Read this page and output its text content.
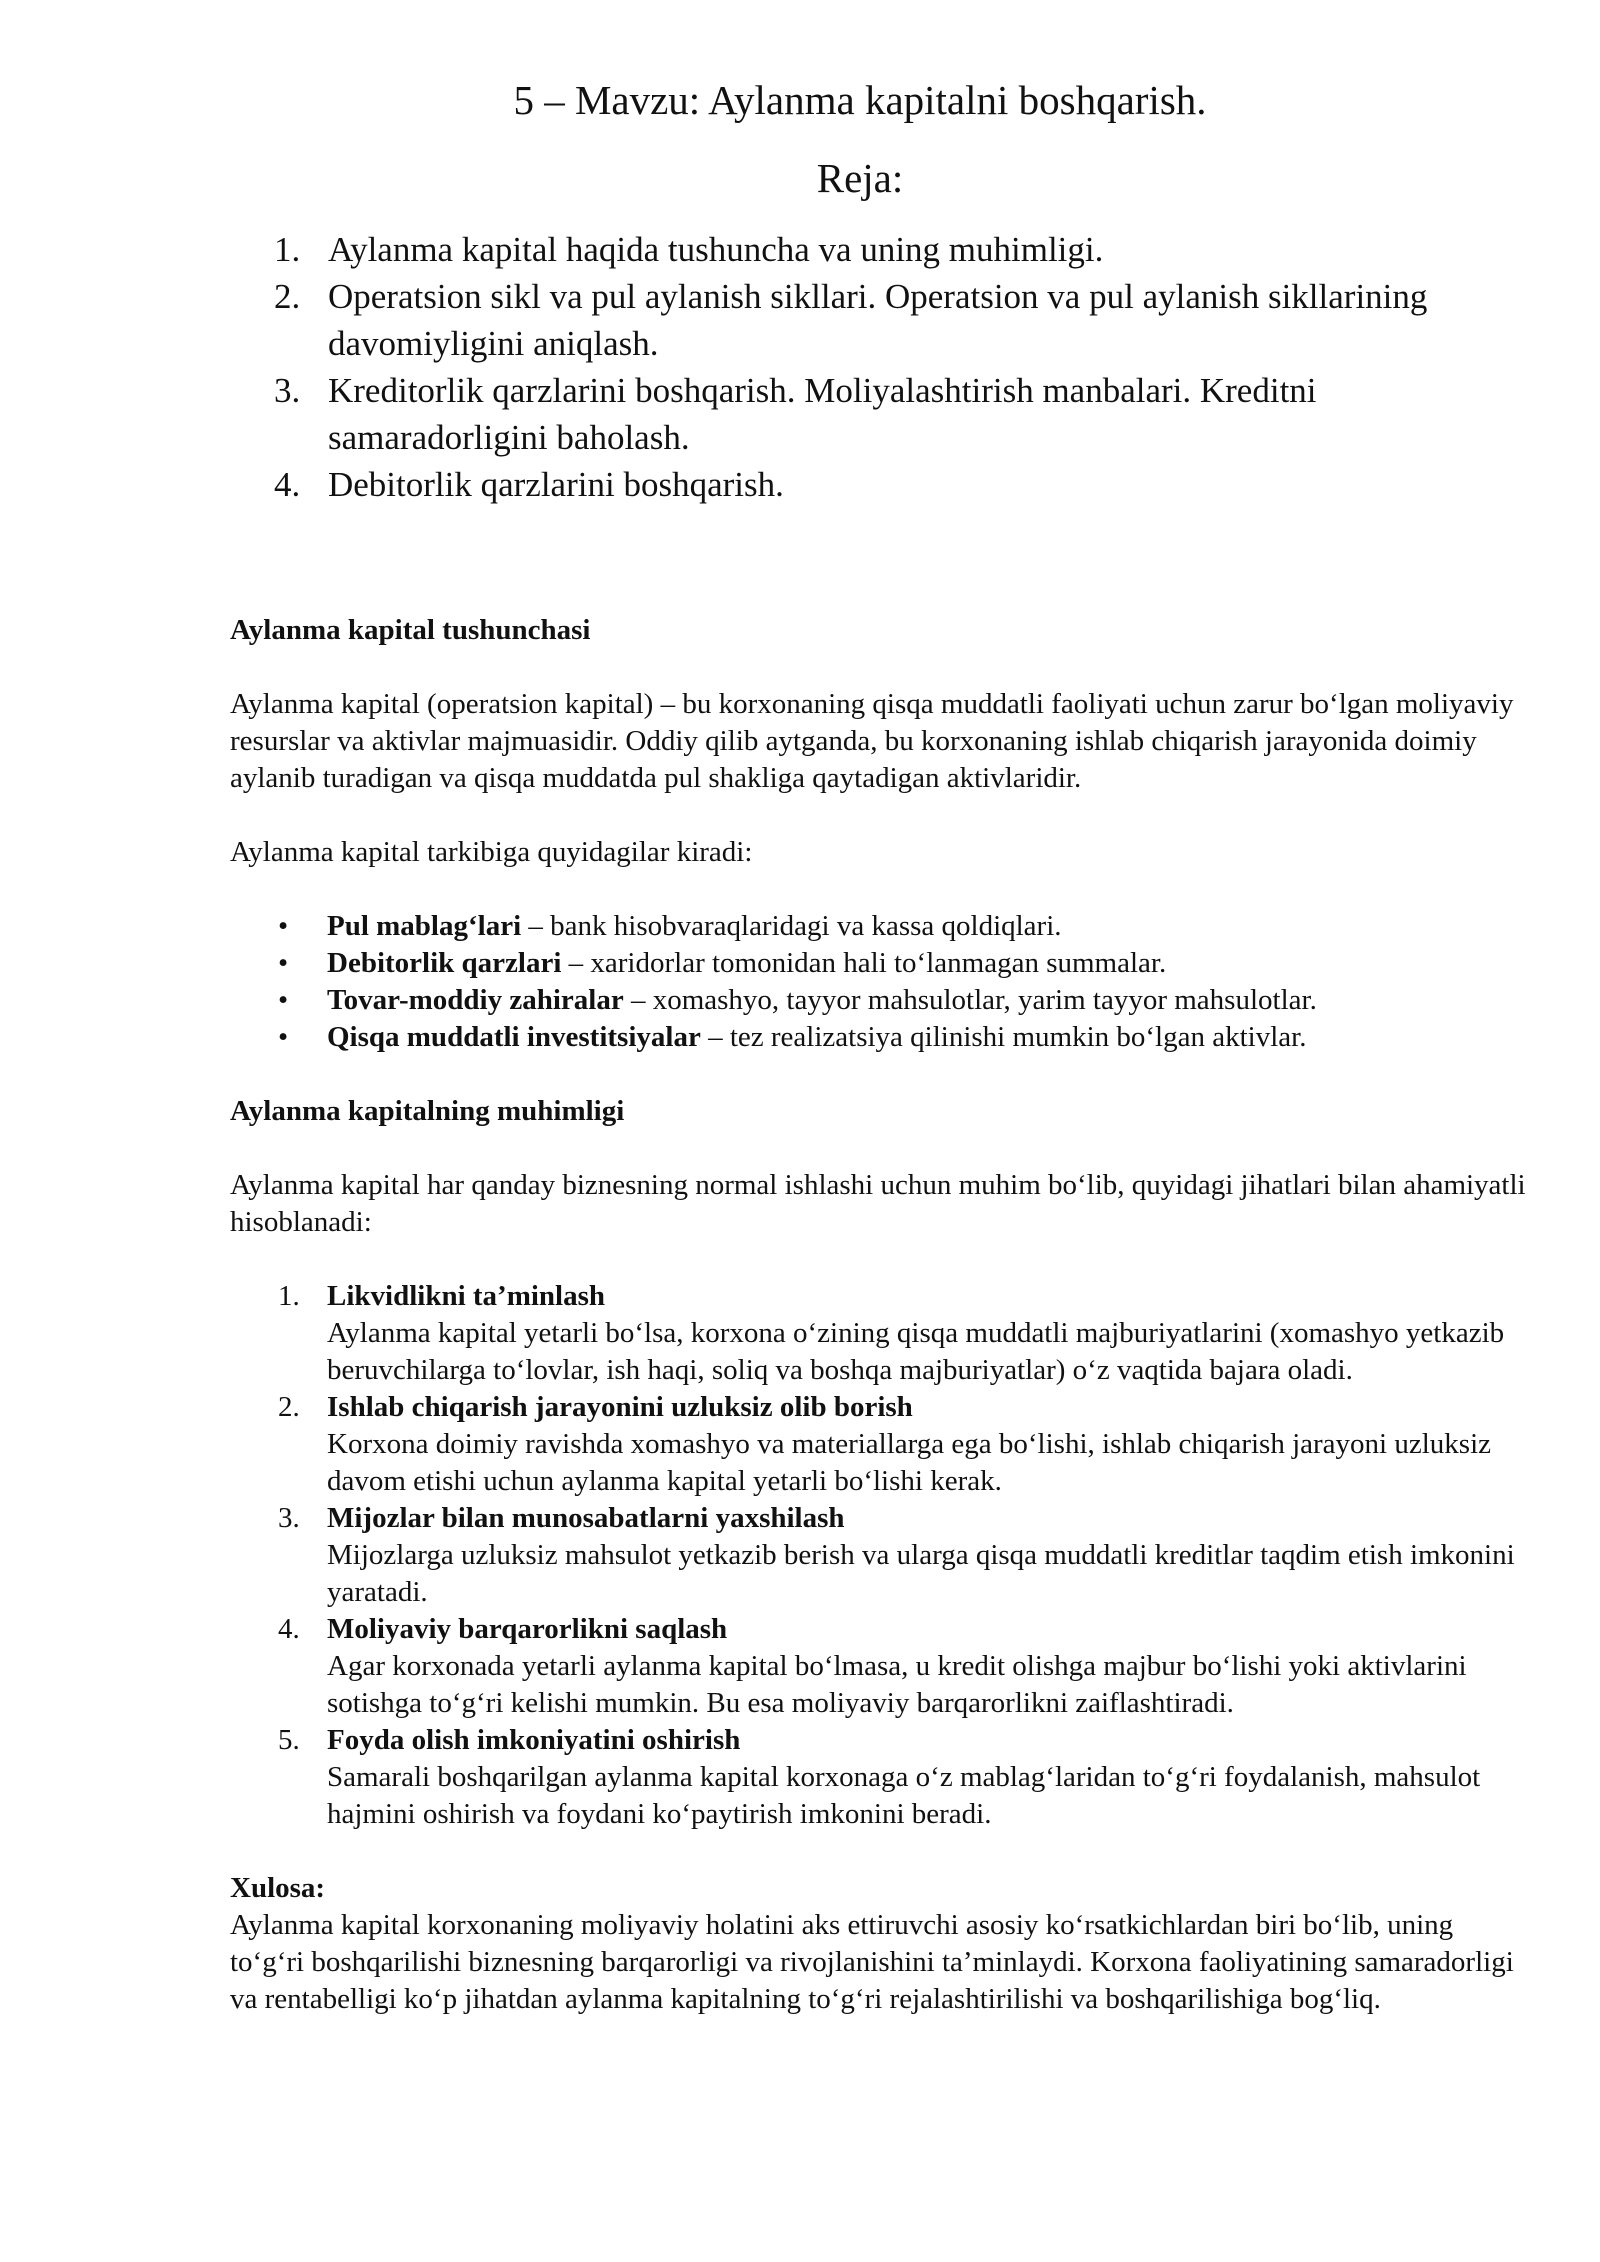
5 – Mavzu: Aylanma kapitalni boshqarish.
Reja:
1. Aylanma kapital haqida tushuncha va uning muhimligi.
2. Operatsion sikl va pul aylanish sikllari. Operatsion va pul aylanish sikllarining davomiyligini aniqlash.
3. Kreditorlik qarzlarini boshqarish. Moliyalashtirish manbalari. Kreditni samaradorligini baholash.
4. Debitorlik qarzlarini boshqarish.

Aylanma kapital tushunchasi

Aylanma kapital (operatsion kapital) – bu korxonaning qisqa muddatli faoliyati uchun zarur bo‘lgan moliyaviy resurslar va aktivlar majmuasidir. Oddiy qilib aytganda, bu korxonaning ishlab chiqarish jarayonida doimiy aylanib turadigan va qisqa muddatda pul shakliga qaytadigan aktivlaridir.

Aylanma kapital tarkibiga quyidagilar kiradi:

• Pul mablag‘lari – bank hisobvaraqlaridagi va kassa qoldiqlari.
• Debitorlik qarzlari – xaridorlar tomonidan hali to‘lanmagan summalar.
• Tovar-moddiy zahiralar – xomashyo, tayyor mahsulotlar, yarim tayyor mahsulotlar.
• Qisqa muddatli investitsiyalar – tez realizatsiya qilinishi mumkin bo‘lgan aktivlar.

Aylanma kapitalning muhimligi

Aylanma kapital har qanday biznesning normal ishlashi uchun muhim bo‘lib, quyidagi jihatlari bilan ahamiyatli hisoblanadi:

1. Likvidlikni ta’minlash
Aylanma kapital yetarli bo‘lsa, korxona o‘zining qisqa muddatli majburiyatlarini (xomashyo yetkazib beruvchilarga to‘lovlar, ish haqi, soliq va boshqa majburiyatlar) o‘z vaqtida bajara oladi.
2. Ishlab chiqarish jarayonini uzluksiz olib borish
Korxona doimiy ravishda xomashyo va materiallarga ega bo‘lishi, ishlab chiqarish jarayoni uzluksiz davom etishi uchun aylanma kapital yetarli bo‘lishi kerak.
3. Mijozlar bilan munosabatlarni yaxshilash
Mijozlarga uzluksiz mahsulot yetkazib berish va ularga qisqa muddatli kreditlar taqdim etish imkonini yaratadi.
4. Moliyaviy barqarorlikni saqlash
Agar korxonada yetarli aylanma kapital bo‘lmasa, u kredit olishga majbur bo‘lishi yoki aktivlarini sotishga to‘g‘ri kelishi mumkin. Bu esa moliyaviy barqarorlikni zaiflashtiradi.
5. Foyda olish imkoniyatini oshirish
Samarali boshqarilgan aylanma kapital korxonaga o‘z mablag‘laridan to‘g‘ri foydalanish, mahsulot hajmini oshirish va foydani ko‘paytirish imkonini beradi.

Xulosa:

Aylanma kapital korxonaning moliyaviy holatini aks ettiruvchi asosiy ko‘rsatkichlardan biri bo‘lib, uning to‘g‘ri boshqarilishi biznesning barqarorligi va rivojlanishini ta’minlaydi. Korxona faoliyatining samaradorligi va rentabelligi ko‘p jihatdan aylanma kapitalning to‘g‘ri rejalashtirilishi va boshqarilishiga bog‘liq.
